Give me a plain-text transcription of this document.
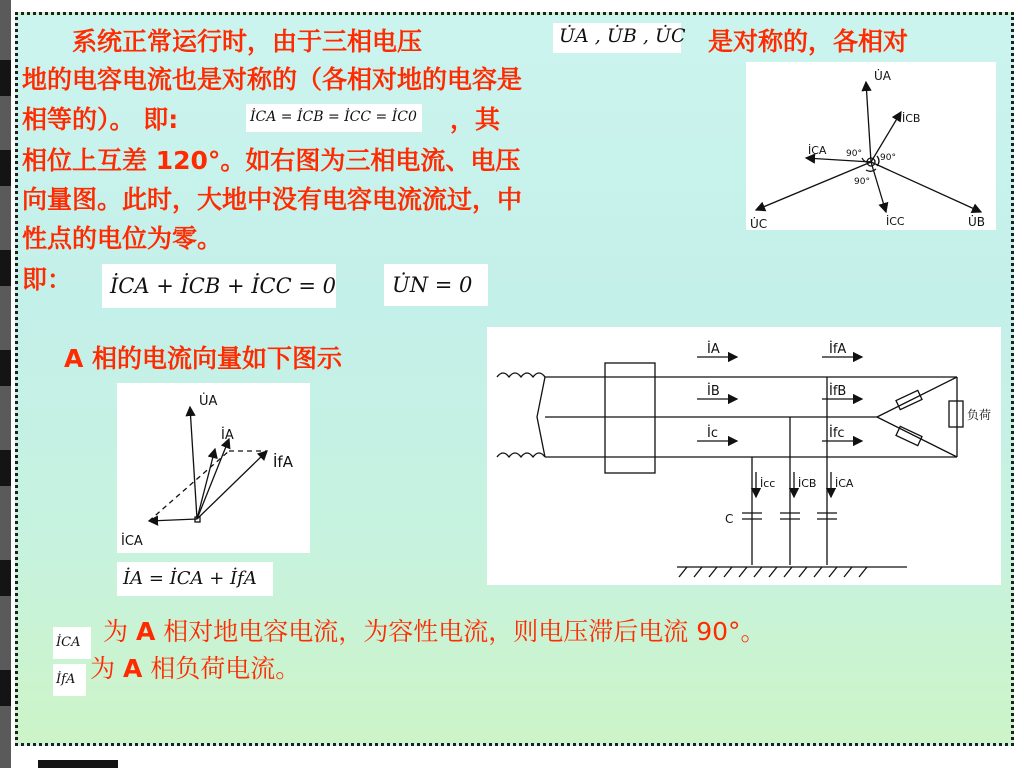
系统正常运行时，由于三相电压	U̇A , U̇B , U̇C 是对称的，各相对
地的电容电流也是对称的（各相对地的电容是
相等的）。 即:	İCA = İCB = İCC = İC0 ，其
相位上互差 120°。如右图为三相电流、电压
向量图。此时，大地中没有电容电流流过，中
性点的电位为零。
即：	İCA + İCB + İCC = 0	U̇N = 0
U̇A
U̇B
U̇C
İCB
İCA
İCC
90° 90°
90°
A 相的电流向量如下图示
U̇A
İA
İfA
İCA
İA = İCA + İfA
İA
İB
İc
İfA
İfB
İfc
İcc İCB İCA
C
负荷
İCA 为 A 相对地电容电流，为容性电流，则电压滞后电流 90°。
İfA 为 A 相负荷电流。
